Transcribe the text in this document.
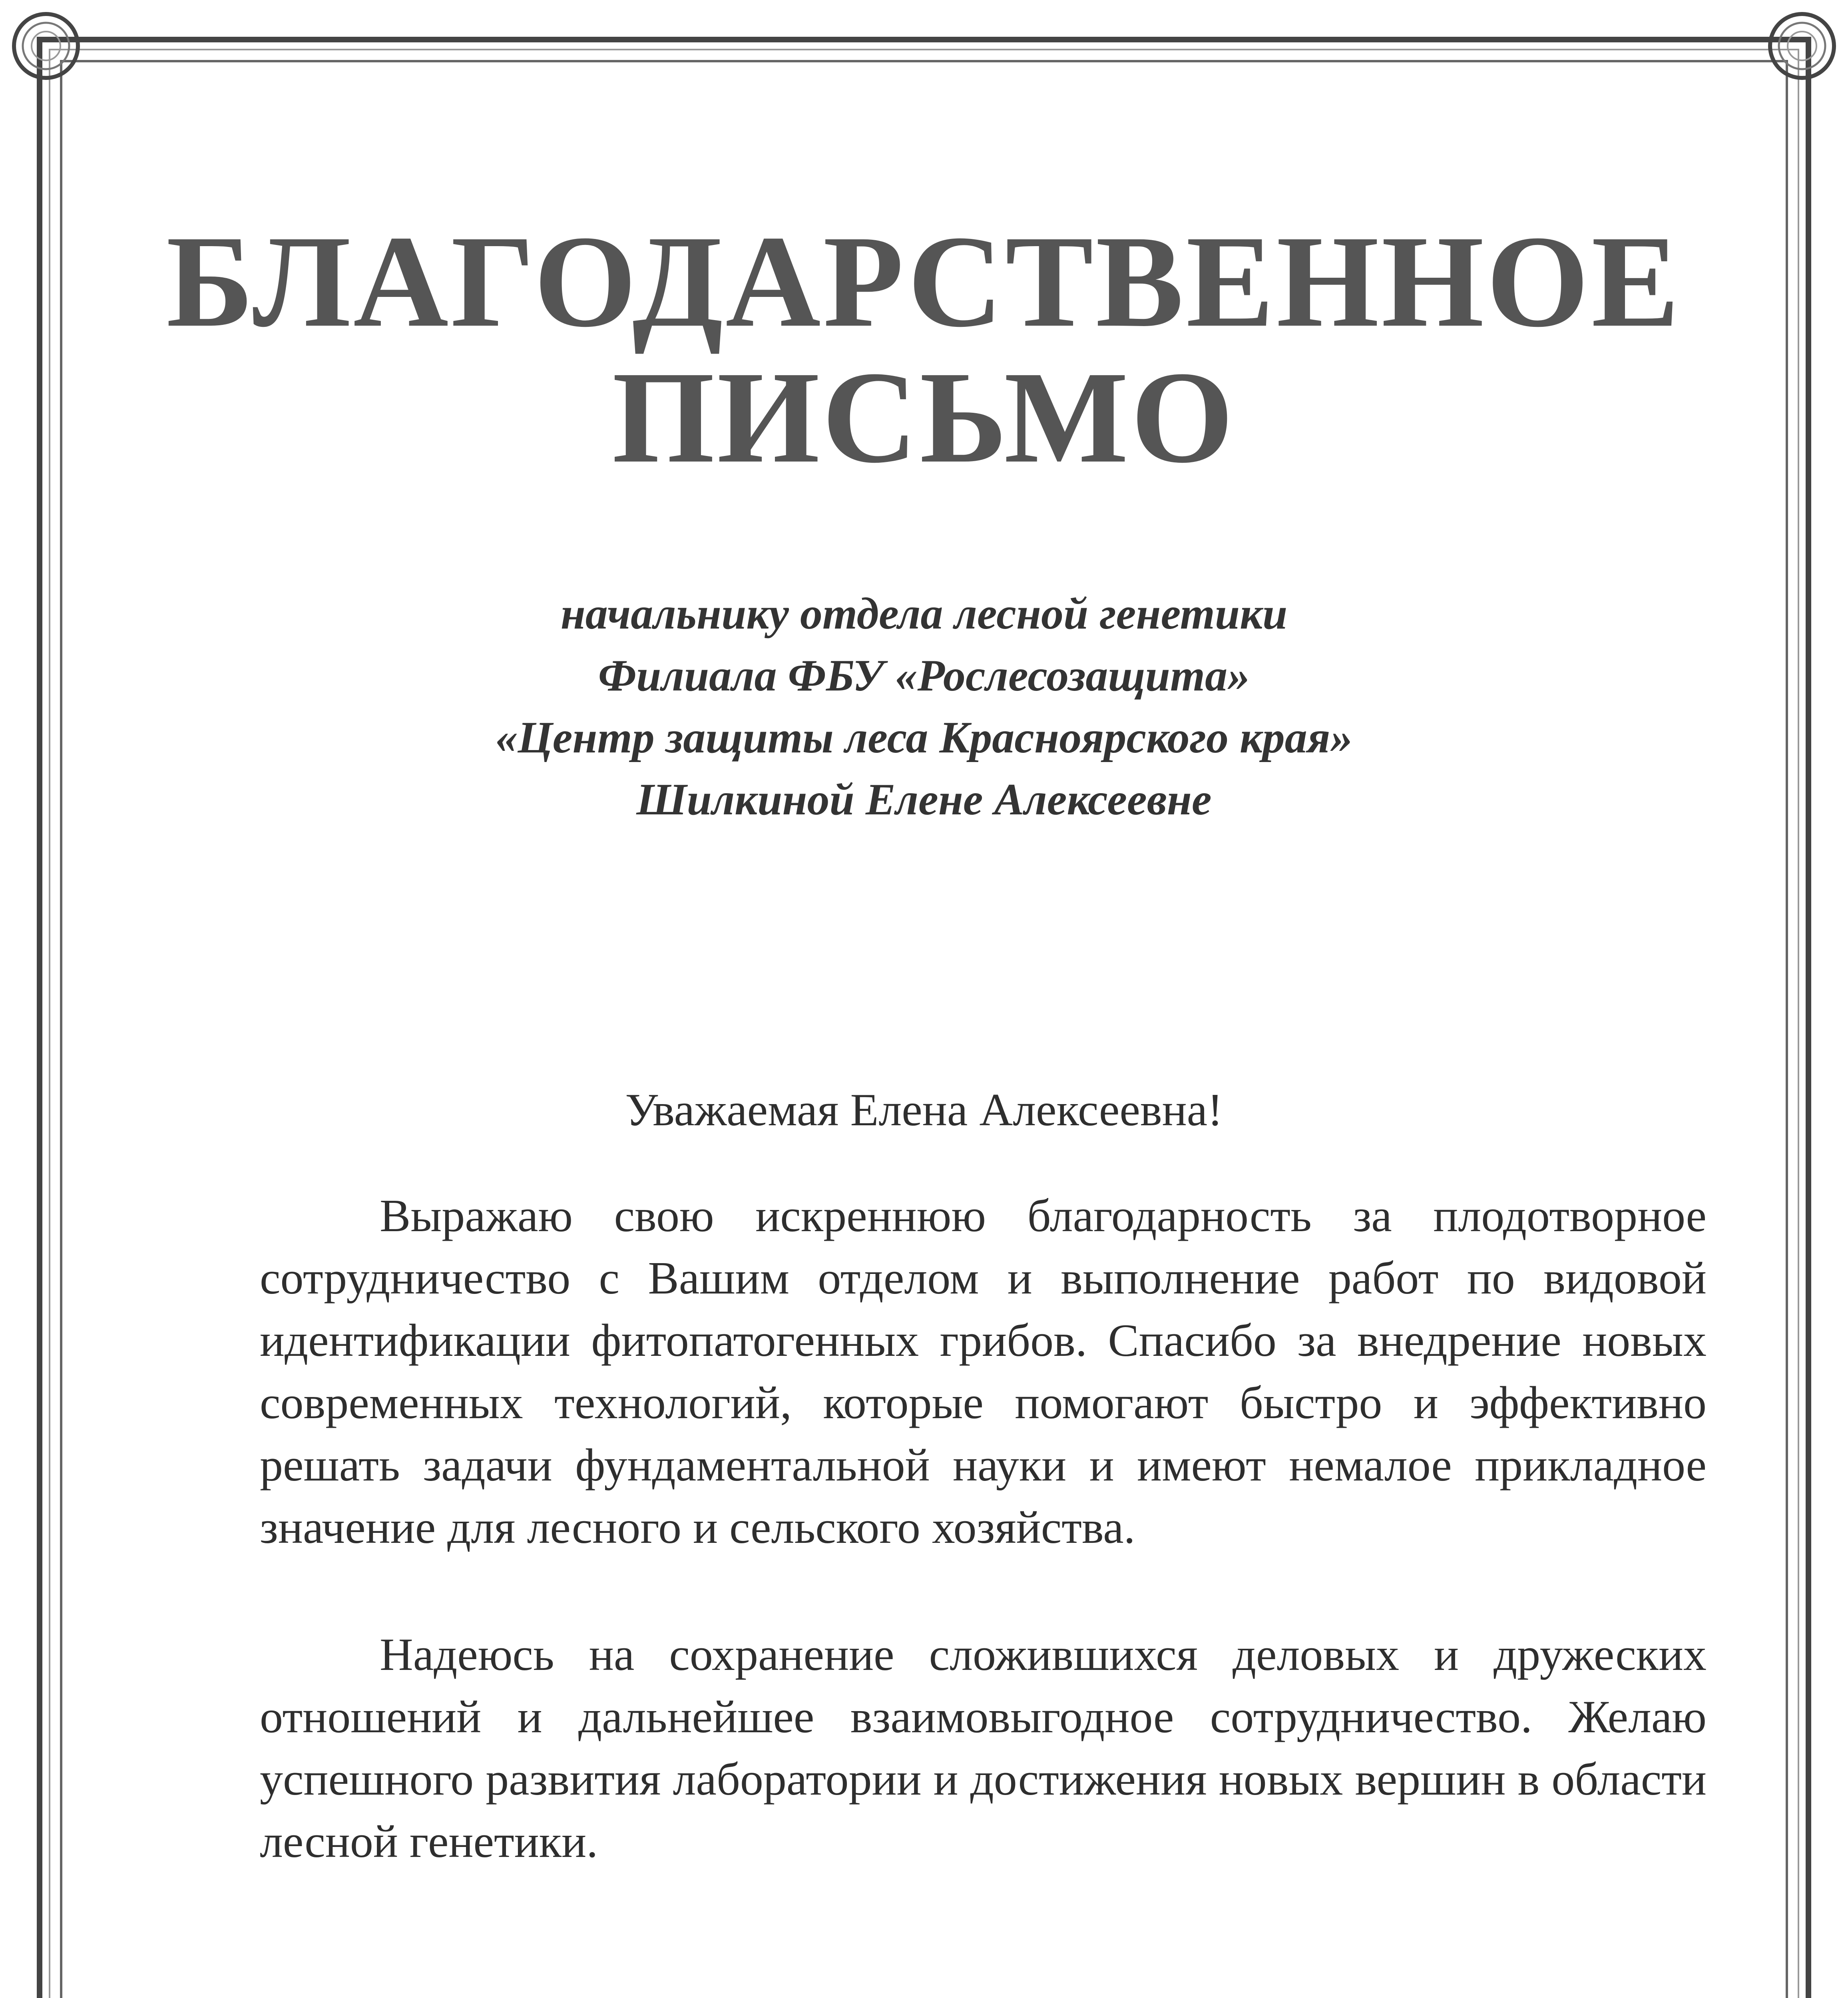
БЛАГОДАРСТВЕННОЕ
ПИСЬМО
начальнику отдела лесной генетики
Филиала ФБУ «Рослесозащита»
«Центр защиты леса Красноярского края»
Шилкиной Елене Алексеевне
Уважаемая Елена Алексеевна!

Выражаю свою искреннюю благодарность за плодотворное сотрудничество с Вашим отделом и выполнение работ по видовой идентификации фитопатогенных грибов. Спасибо за внедрение новых современных технологий, которые помогают быстро и эффективно решать задачи фундаментальной науки и имеют немалое прикладное значение для лесного и сельского хозяйства.

Надеюсь на сохранение сложившихся деловых и дружеских отношений и дальнейшее взаимовыгодное сотрудничество. Желаю успешного развития лаборатории и достижения новых вершин в области лесной генетики.
